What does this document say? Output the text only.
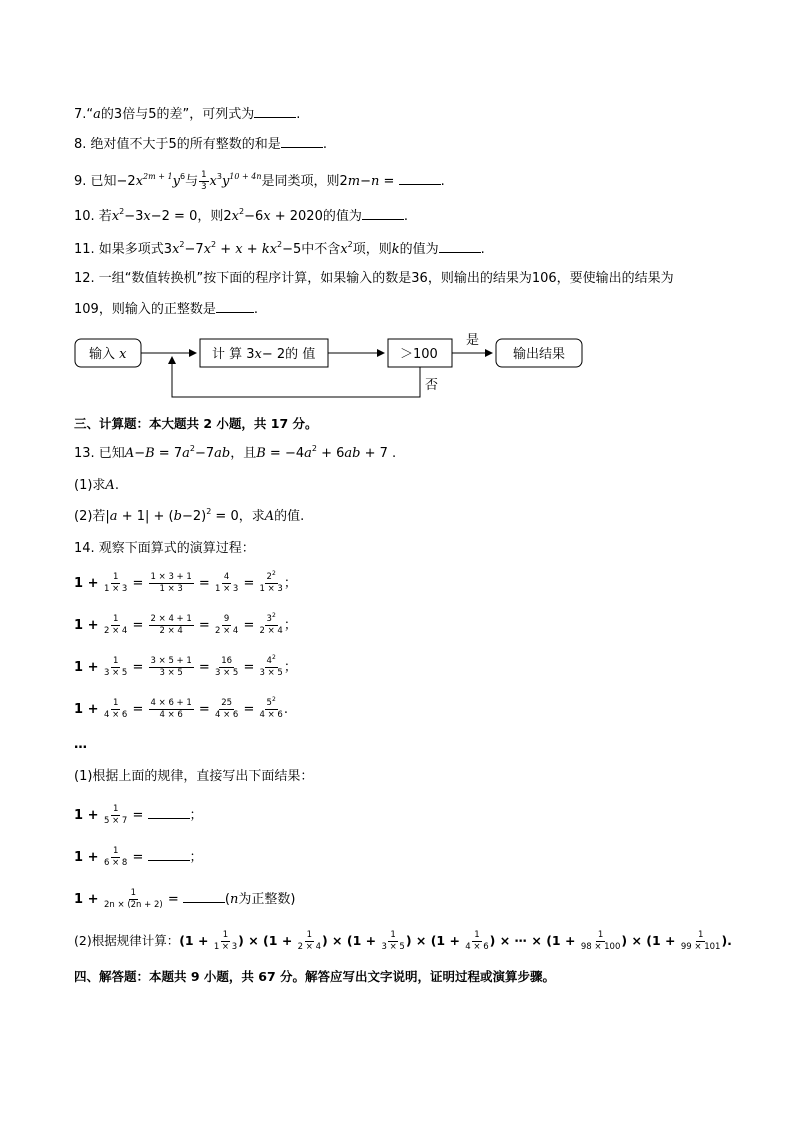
7.“a的3倍与5的差”，可列式为	.
8. 绝对值不大于5的所有整数的和是	.
9. 已知$-2x^{2m + 1}y^6$与 $\frac{1}{3} x^3y^{10 + 4n}$是同类项，则2m−n =	.
10. 若$x^2-3x-2 = 0$，则$2x^2-6x + 2020$的值为	.
11. 如果多项式$3x^2-7x^2 + x + kx^2-5$中不含$x^2$项，则k的值为	.
12. 一组“数值转换机”按下面的程序计算，如果输入的数是36，则输出的结果为106，要使输出的结果为
109，则输入的正整数是	.
输入 x	计 算 3x− 2的 值	＞100
是
输出结果
否
三、计算题：本大题共 2 小题，共 17 分。
13. 已知$A-B = 7a^2-7ab$，且$B = -4a^2 + 6ab + 7$ .
(1)求A.
(2)若$|a + 1| + (b-2)^2 = 0$，求A的值.
14. 观察下面算式的演算过程：
$1 + \frac{1}{1 \times 3} = \frac{1 \times 3 + 1}{1 \times 3} = \frac{4}{1 \times 3} = \frac{2^2}{1 \times 3}$ ；
$1 + \frac{1}{2 \times 4} = \frac{2 \times 4 + 1}{2 \times 4} = \frac{9}{2 \times 4} = \frac{3^2}{2 \times 4}$ ；
$1 + \frac{1}{3 \times 5} = \frac{3 \times 5 + 1}{3 \times 5} = \frac{16}{3 \times 5} = \frac{4^2}{3 \times 5}$ ；
$1 + \frac{1}{4 \times 6} = \frac{4 \times 6 + 1}{4 \times 6} = \frac{25}{4 \times 6} = \frac{5^2}{4 \times 6}$ .
…
(1)根据上面的规律，直接写出下面结果：
$1 + \frac{1}{5 \times 7}$ =	；
$1 + \frac{1}{6 \times 8}$ =	；
$1 + \frac{1}{2n \times (2n + 2)}$ =	(n为正整数)
(2)根据规律计算：($1 + \frac{1}{1 \times 3}$ ) × ($1 + \frac{1}{2 \times 4}$ ) × ($1 + \frac{1}{3 \times 5}$ ) × ($1 + \frac{1}{4 \times 6}$ ) × ⋯ × ($1 + \frac{1}{98 \times 100}$ ) × ($1 + \frac{1}{99 \times 101}$ ).
四、解答题：本题共 9 小题，共 67 分。解答应写出文字说明，证明过程或演算步骤。
